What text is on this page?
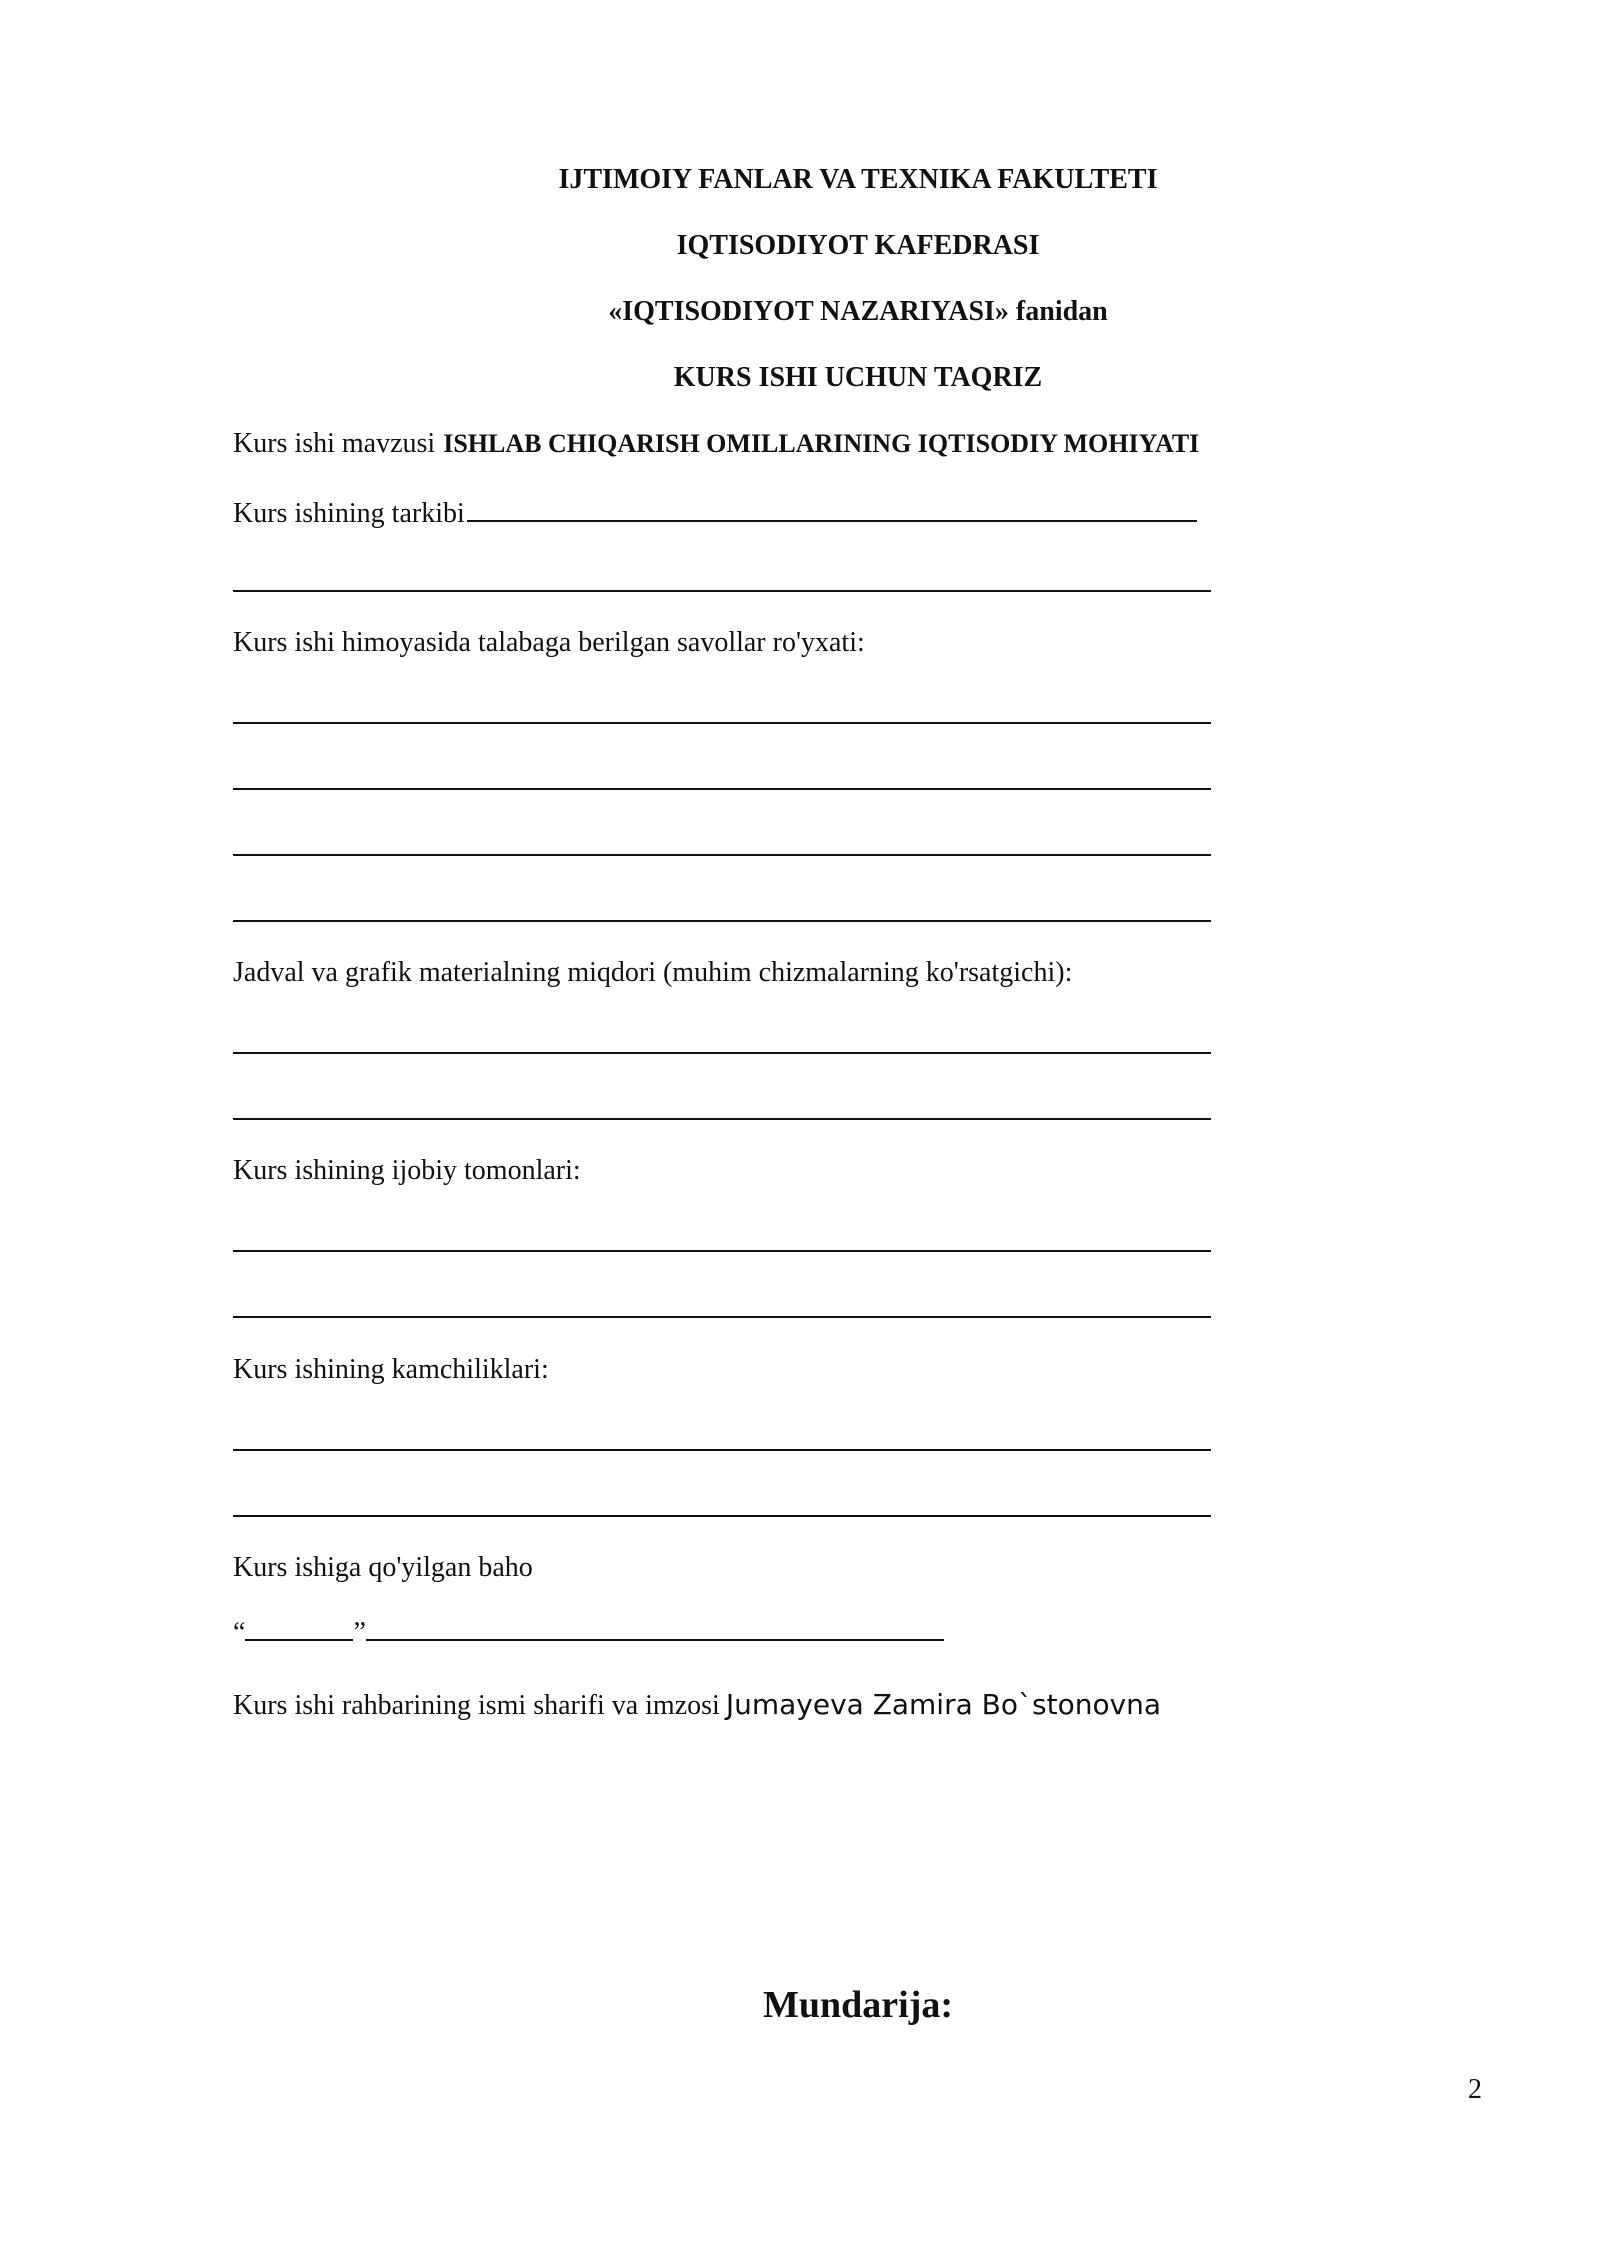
IJTIMOIY FANLAR VA TEXNIKA FAKULTETI
IQTISODIYOT KAFEDRASI
«IQTISODIYOT NAZARIYASI» fanidan
KURS ISHI UCHUN TAQRIZ
Kurs ishi mavzusi ISHLAB CHIQARISH OMILLARINING IQTISODIY MOHIYATI
Kurs ishining tarkibi
Kurs ishi himoyasida talabaga berilgan savollar ro'yxati:
Jadval va grafik materialning miqdori (muhim chizmalarning ko'rsatgichi):
Kurs ishining ijobiy tomonlari:
Kurs ishining kamchiliklari:
Kurs ishiga qo'yilgan baho
“	”
Kurs ishi rahbarining ismi sharifi va imzosi Jumayeva Zamira Bo`stonovna
Mundarija:
2
